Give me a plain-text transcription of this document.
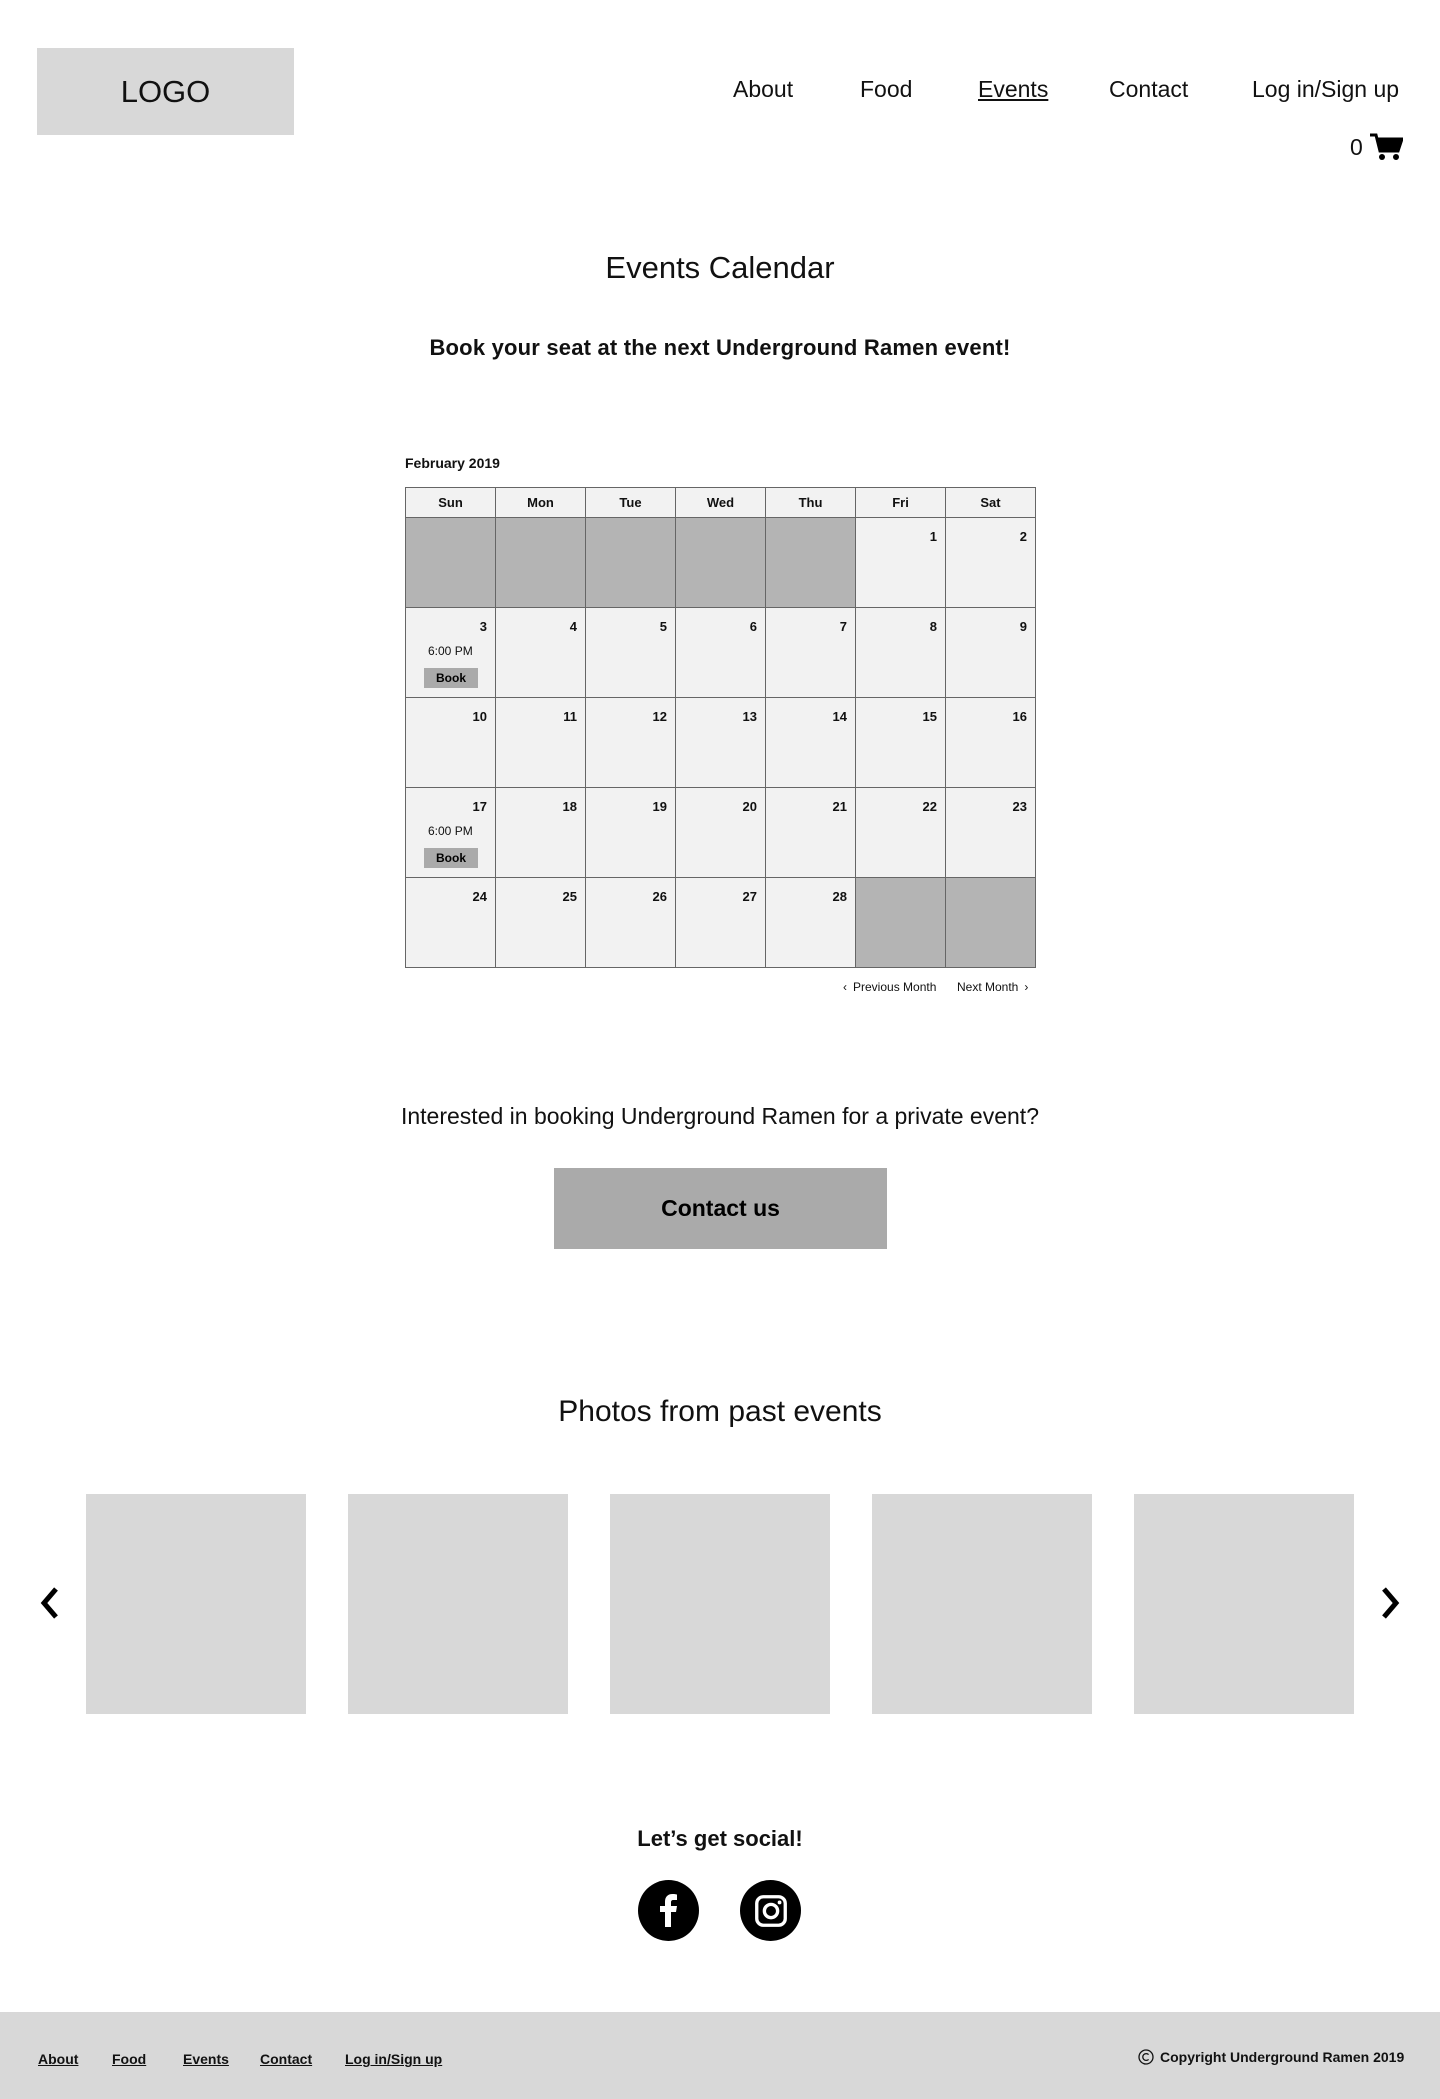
LOGO	About	Food	Events	Contact	Log in/Sign up
0
Events Calendar

Book your seat at the next Underground Ramen event!

February 2019
Sun	Mon	Tue	Wed	Thu	Fri	Sat

					1	2

3
6:00 PM
Book	4	5	6	7	8	9

10	11	12	13	14	15	16

17
6:00 PM
Book	18	19	20	21	22	23

24	25	26	27	28		

‹ Previous Month Next Month ›

Interested in booking Underground Ramen for a private event?

Contact us
Photos from past events

Let’s get social!

About Food	Events Contact Log in/Sign up	Copyright Underground Ramen 2019
